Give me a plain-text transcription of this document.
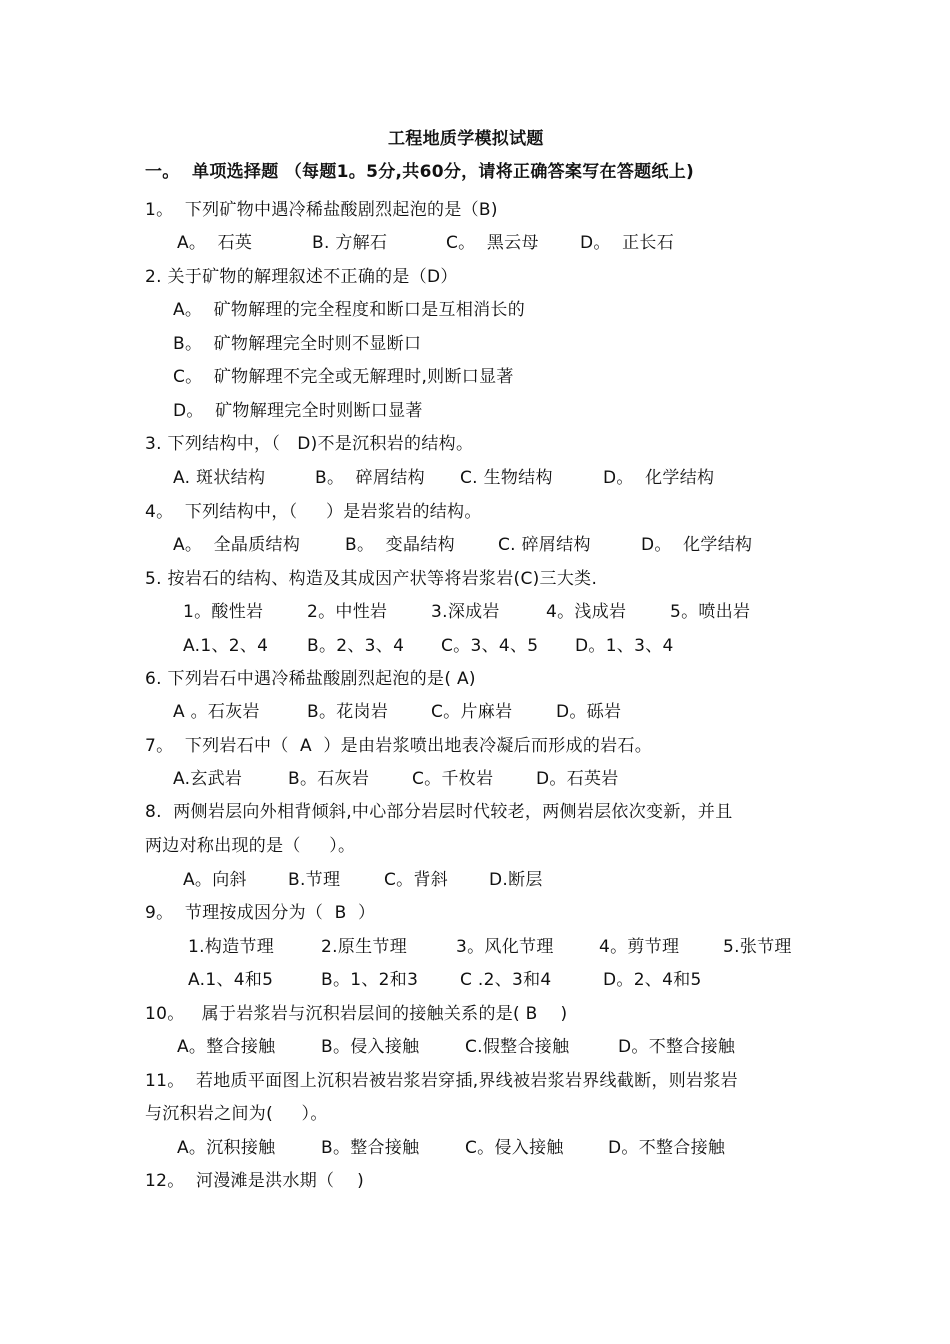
工程地质学模拟试题
一。  单项选择题 （每题1。5分,共60分，请将正确答案写在答题纸上)
1。  下列矿物中遇冷稀盐酸剧烈起泡的是（B)
A。  石英	B. 方解石	C。  黑云母 D。  正长石
2. 关于矿物的解理叙述不正确的是（D）
A。  矿物解理的完全程度和断口是互相消长的
B。  矿物解理完全时则不显断口
C。  矿物解理不完全或无解理时,则断口显著
D。  矿物解理完全时则断口显著
3. 下列结构中，（   D)不是沉积岩的结构。
A. 斑状结构	B。  碎屑结构 C. 生物结构	D。  化学结构
4。  下列结构中，（     ）是岩浆岩的结构。
A。  全晶质结构	B。  变晶结构	C. 碎屑结构	D。  化学结构
5. 按岩石的结构、构造及其成因产状等将岩浆岩(C)三大类.
1。酸性岩	2。中性岩	3.深成岩	4。浅成岩	5。喷出岩
A.1、2、4 B。2、3、4 C。3、4、5 D。1、3、4
6. 下列岩石中遇冷稀盐酸剧烈起泡的是( A)
A 。石灰岩	B。花岗岩	C。片麻岩	D。砾岩
7。  下列岩石中（  A  ）是由岩浆喷出地表冷凝后而形成的岩石。
A.玄武岩	B。石灰岩	C。千枚岩	D。石英岩
8.  两侧岩层向外相背倾斜,中心部分岩层时代较老，两侧岩层依次变新，并且
两边对称出现的是（     ）。
A。向斜 B.节理	C。背斜 D.断层
9。  节理按成因分为（  B  ）
1.构造节理	2.原生节理	3。风化节理	4。剪节理	5.张节理
A.1、4和5	B。1、2和3 C .2、3和4	D。2、4和5
10。   属于岩浆岩与沉积岩层间的接触关系的是( B    )
A。整合接触	B。侵入接触	C.假整合接触	D。不整合接触
11。  若地质平面图上沉积岩被岩浆岩穿插,界线被岩浆岩界线截断，则岩浆岩
与沉积岩之间为(     ）。
A。沉积接触	B。整合接触	C。侵入接触	D。不整合接触
12。  河漫滩是洪水期（    )
